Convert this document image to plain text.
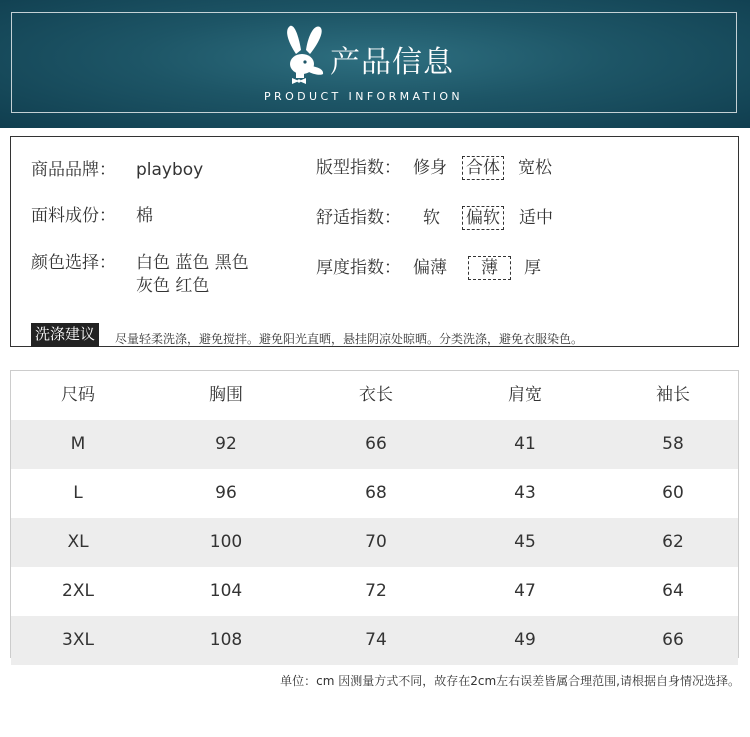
产品信息
PRODUCT INFORMATION
商品品牌： playboy
面料成份： 棉
颜色选择： 白色 蓝色 黑色
灰色 红色
版型指数： 修身 合体 宽松
舒适指数： 软 偏软 适中
厚度指数： 偏薄	薄	厚
洗涤建议	尽量轻柔洗涤，避免搅拌。避免阳光直晒，悬挂阴凉处晾晒。分类洗涤，避免衣服染色。
尺码	胸围	衣长	肩宽	袖长
M	92	66	41	58
L	96	68	43	60
XL	100	70	45	62
2XL	104	72	47	64
3XL	108	74	49	66
单位：cm 因测量方式不同，故存在2cm左右误差皆属合理范围,请根据自身情况选择。
